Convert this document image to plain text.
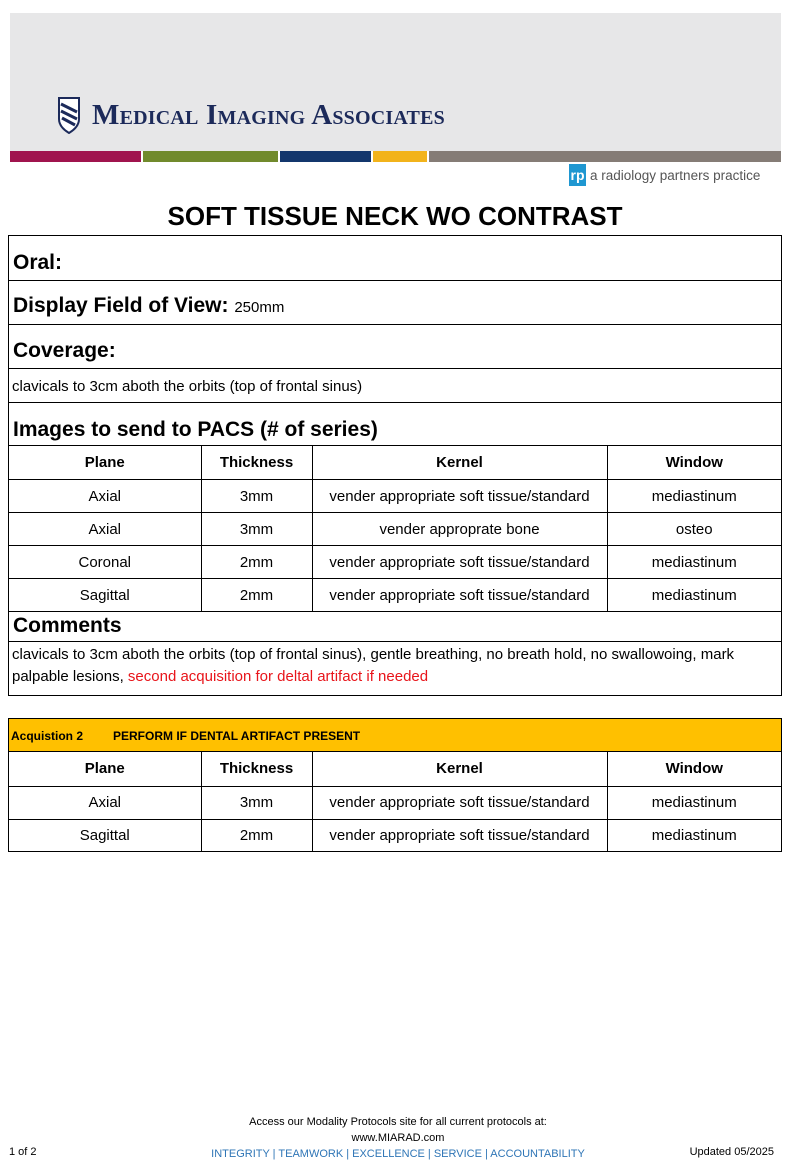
Medical Imaging Associates
rp a radiology partners practice
SOFT TISSUE NECK WO CONTRAST
Oral:
Display Field of View: 250mm
Coverage:
clavicals to 3cm aboth the orbits (top of frontal sinus)
Images to send to PACS (# of series)
Plane	Thickness	Kernel	Window
Axial	3mm	vender appropriate soft tissue/standard	mediastinum
Axial	3mm	vender approprate bone	osteo
Coronal	2mm	vender appropriate soft tissue/standard	mediastinum
Sagittal	2mm	vender appropriate soft tissue/standard	mediastinum
Comments
clavicals to 3cm aboth the orbits (top of frontal sinus), gentle breathing, no breath hold, no swallowoing, mark palpable lesions, second acquisition for deltal artifact if needed
Acquistion 2 PERFORM IF DENTAL ARTIFACT PRESENT
Plane	Thickness	Kernel	Window
Axial	3mm	vender appropriate soft tissue/standard	mediastinum
Sagittal	2mm	vender appropriate soft tissue/standard	mediastinum
Access our Modality Protocols site for all current protocols at:
www.MIARAD.com
INTEGRITY | TEAMWORK | EXCELLENCE | SERVICE | ACCOUNTABILITY
1 of 2	Updated 05/2025
